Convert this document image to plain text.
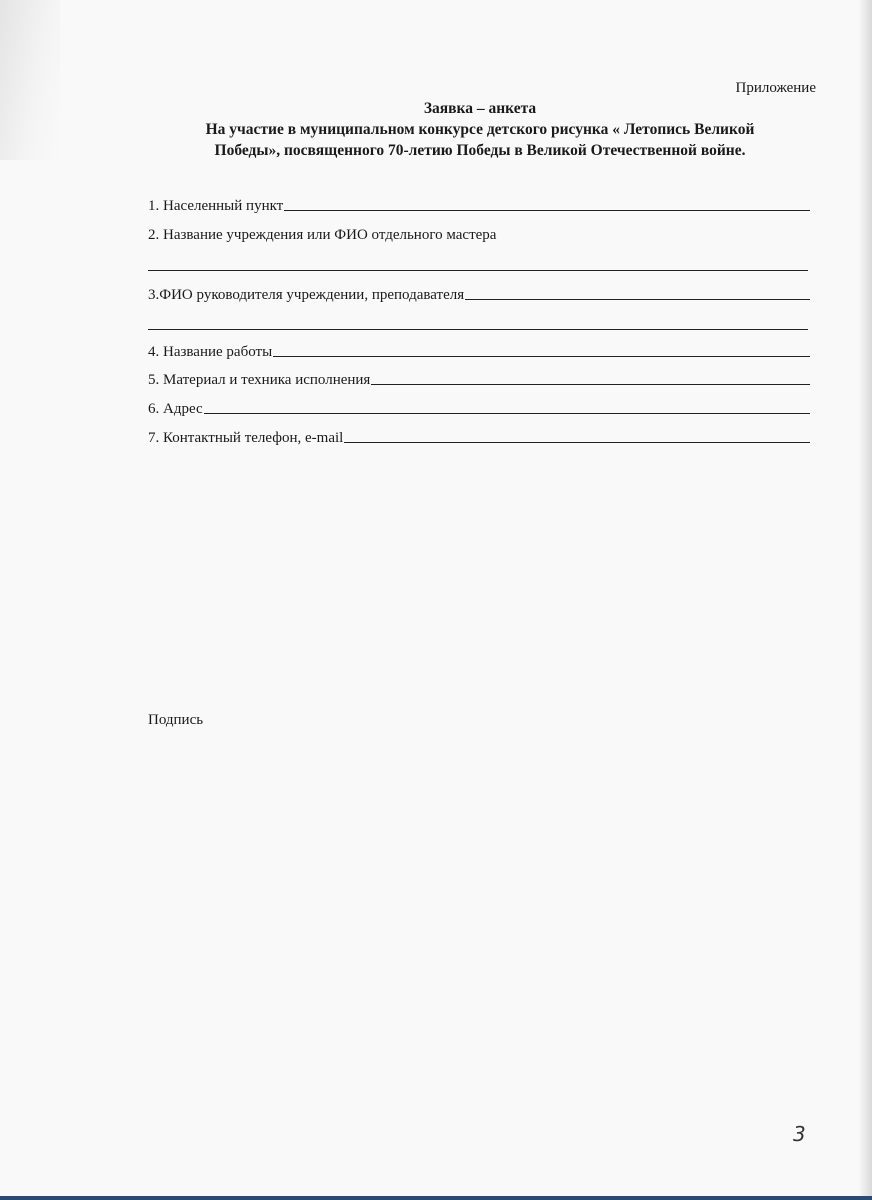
Приложение
Заявка – анкета
На участие в муниципальном конкурсе детского рисунка « Летопись Великой
Победы», посвященного 70-летию Победы в Великой Отечественной войне.
1. Населенный пункт
2. Название учреждения или ФИО отдельного мастера
3.ФИО руководителя учреждении, преподавателя
4. Название работы
5. Материал и техника исполнения
6. Адрес
7. Контактный телефон, e-mail
Подпись
3
